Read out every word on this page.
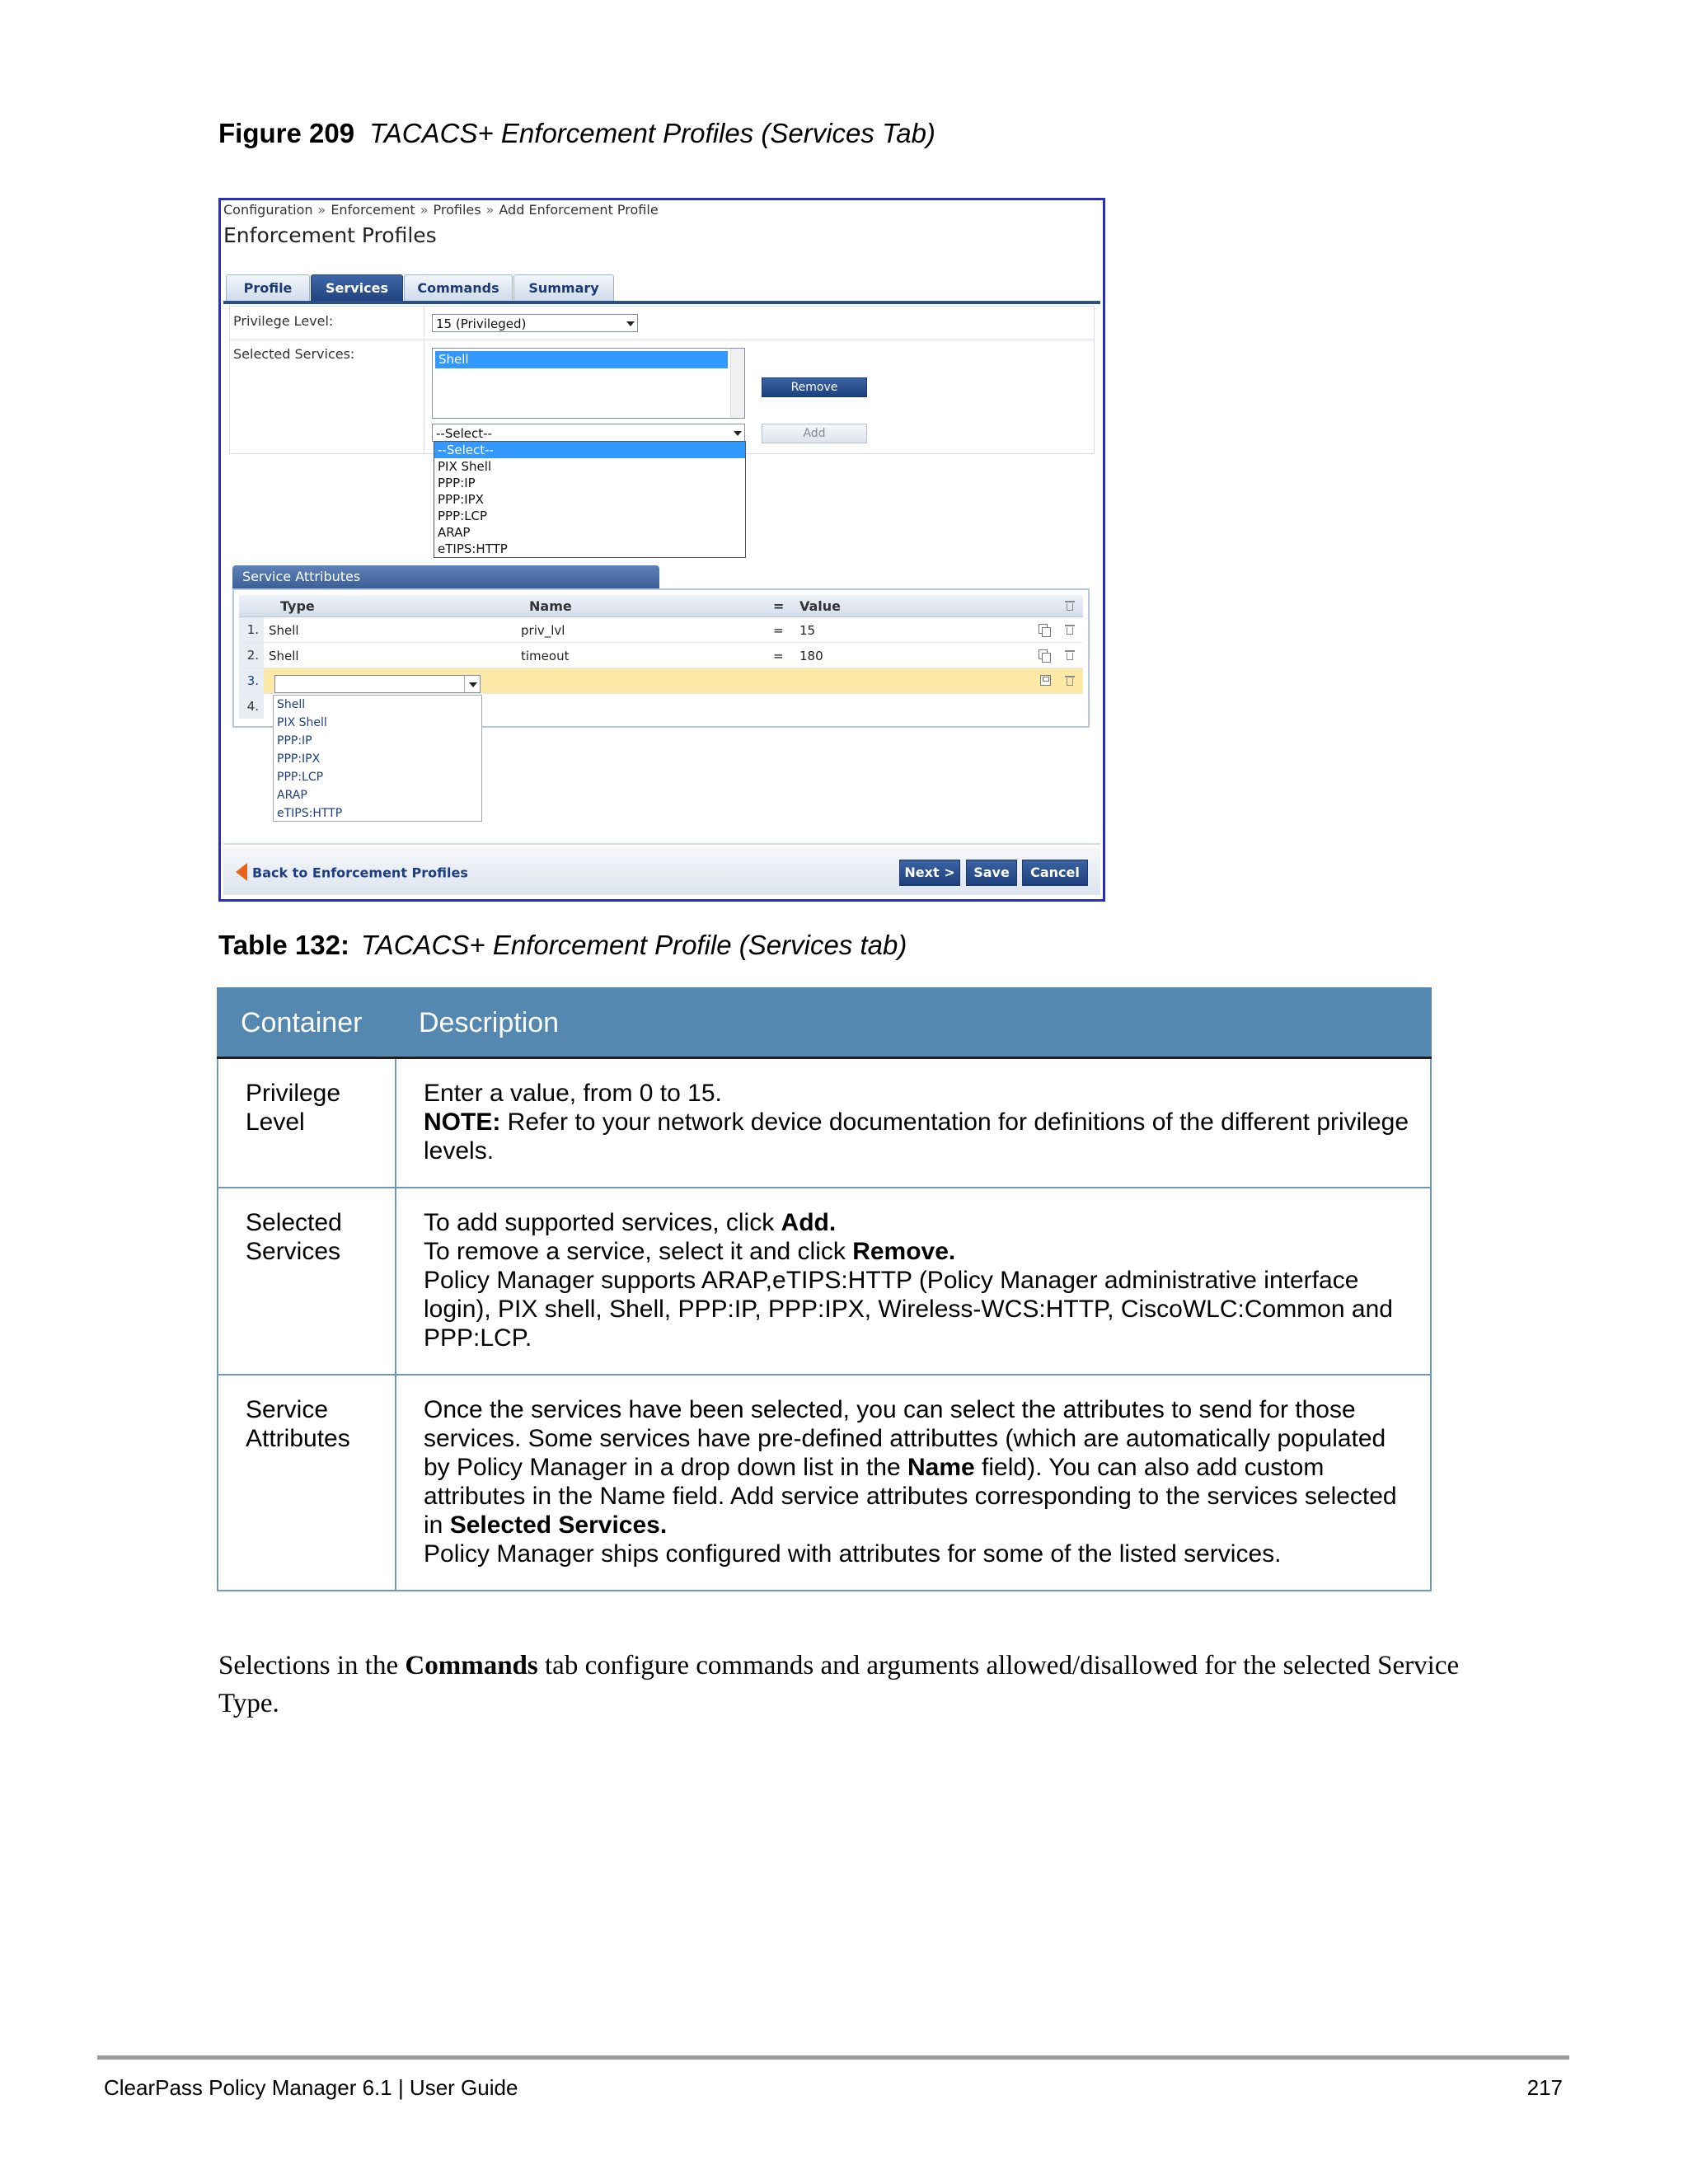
Figure 209 TACACS+ Enforcement Profiles (Services Tab)
Configuration » Enforcement » Profiles » Add Enforcement Profile
Enforcement Profiles
Profile	Services	Commands	Summary
Privilege Level:	15 (Privileged)
Selected Services:	Shell
Remove
--Select--	Add
--Select--
PIX Shell
PPP:IP
PPP:IPX
PPP:LCP
ARAP
eTIPS:HTTP
Service Attributes
Type	Name	= Value
1. Shell	priv_lvl	= 15
2. Shell	timeout	= 180
3.
4.	Shell
PIX Shell
PPP:IP
PPP:IPX
PPP:LCP
ARAP
eTIPS:HTTP
Back to Enforcement Profiles	Next >	Save	Cancel
Table 132: TACACS+ Enforcement Profile (Services tab)
Container	Description
Privilege Level	Enter a value, from 0 to 15.

NOTE: Refer to your network device documentation for definitions of the different privilege levels.

Selected Services	To add supported services, click Add.

To remove a service, select it and click Remove.

Policy Manager supports ARAP,eTIPS:HTTP (Policy Manager administrative interface login), PIX shell, Shell, PPP:IP, PPP:IPX, Wireless-WCS:HTTP, CiscoWLC:Common and PPP:LCP.

Service Attributes	Once the services have been selected, you can select the attributes to send for those services. Some services have pre-defined attributtes (which are automatically populated by Policy Manager in a drop down list in the Name field). You can also add custom attributes in the Name field. Add service attributes corresponding to the services selected in Selected Services.

Policy Manager ships configured with attributes for some of the listed services.

Selections in the Commands tab configure commands and arguments allowed/disallowed for the selected Service Type.

ClearPass Policy Manager 6.1 | User Guide	217
